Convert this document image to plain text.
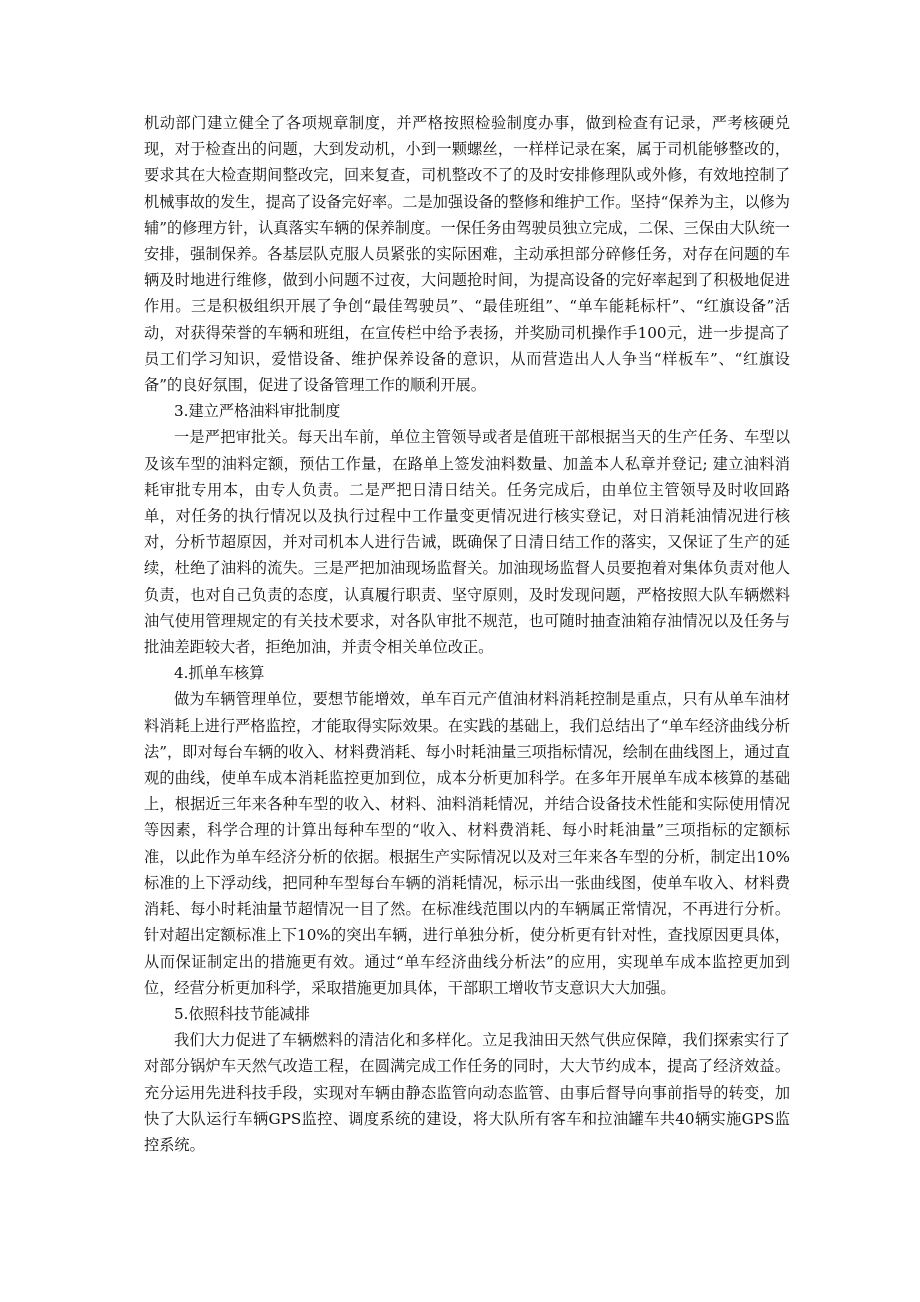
机动部门建立健全了各项规章制度，并严格按照检验制度办事，做到检查有记录，严考核硬兑现，对于检查出的问题，大到发动机，小到一颗螺丝，一样样记录在案，属于司机能够整改的，要求其在大检查期间整改完，回来复查，司机整改不了的及时安排修理队或外修，有效地控制了机械事故的发生，提高了设备完好率。二是加强设备的整修和维护工作。坚持“保养为主，以修为辅”的修理方针，认真落实车辆的保养制度。一保任务由驾驶员独立完成，二保、三保由大队统一安排，强制保养。各基层队克服人员紧张的实际困难，主动承担部分碎修任务，对存在问题的车辆及时地进行维修，做到小问题不过夜，大问题抢时间，为提高设备的完好率起到了积极地促进作用。三是积极组织开展了争创“最佳驾驶员”、“最佳班组”、“单车能耗标杆”、“红旗设备”活动，对获得荣誉的车辆和班组，在宣传栏中给予表扬，并奖励司机操作手100元，进一步提高了员工们学习知识，爱惜设备、维护保养设备的意识，从而营造出人人争当“样板车”、“红旗设备”的良好氛围，促进了设备管理工作的顺利开展。

3.建立严格油料审批制度

一是严把审批关。每天出车前，单位主管领导或者是值班干部根据当天的生产任务、车型以及该车型的油料定额，预估工作量，在路单上签发油料数量、加盖本人私章并登记; 建立油料消耗审批专用本，由专人负责。二是严把日清日结关。任务完成后，由单位主管领导及时收回路单，对任务的执行情况以及执行过程中工作量变更情况进行核实登记，对日消耗油情况进行核对，分析节超原因，并对司机本人进行告诫，既确保了日清日结工作的落实，又保证了生产的延续，杜绝了油料的流失。三是严把加油现场监督关。加油现场监督人员要抱着对集体负责对他人负责，也对自己负责的态度，认真履行职责、坚守原则，及时发现问题，严格按照大队车辆燃料油气使用管理规定的有关技术要求，对各队审批不规范，也可随时抽查油箱存油情况以及任务与批油差距较大者，拒绝加油，并责令相关单位改正。

4.抓单车核算

做为车辆管理单位，要想节能增效，单车百元产值油材料消耗控制是重点，只有从单车油材料消耗上进行严格监控，才能取得实际效果。在实践的基础上，我们总结出了“单车经济曲线分析法”，即对每台车辆的收入、材料费消耗、每小时耗油量三项指标情况，绘制在曲线图上，通过直观的曲线，使单车成本消耗监控更加到位，成本分析更加科学。在多年开展单车成本核算的基础上，根据近三年来各种车型的收入、材料、油料消耗情况，并结合设备技术性能和实际使用情况等因素，科学合理的计算出每种车型的“收入、材料费消耗、每小时耗油量”三项指标的定额标准，以此作为单车经济分析的依据。根据生产实际情况以及对三年来各车型的分析，制定出10%标准的上下浮动线，把同种车型每台车辆的消耗情况，标示出一张曲线图，使单车收入、材料费消耗、每小时耗油量节超情况一目了然。在标准线范围以内的车辆属正常情况，不再进行分析。针对超出定额标准上下10%的突出车辆，进行单独分析，使分析更有针对性，查找原因更具体，从而保证制定出的措施更有效。通过“单车经济曲线分析法”的应用，实现单车成本监控更加到位，经营分析更加科学，采取措施更加具体，干部职工增收节支意识大大加强。

5.依照科技节能减排

我们大力促进了车辆燃料的清洁化和多样化。立足我油田天然气供应保障，我们探索实行了对部分锅炉车天然气改造工程，在圆满完成工作任务的同时，大大节约成本，提高了经济效益。充分运用先进科技手段，实现对车辆由静态监管向动态监管、由事后督导向事前指导的转变，加快了大队运行车辆GPS监控、调度系统的建设，将大队所有客车和拉油罐车共40辆实施GPS监控系统。
